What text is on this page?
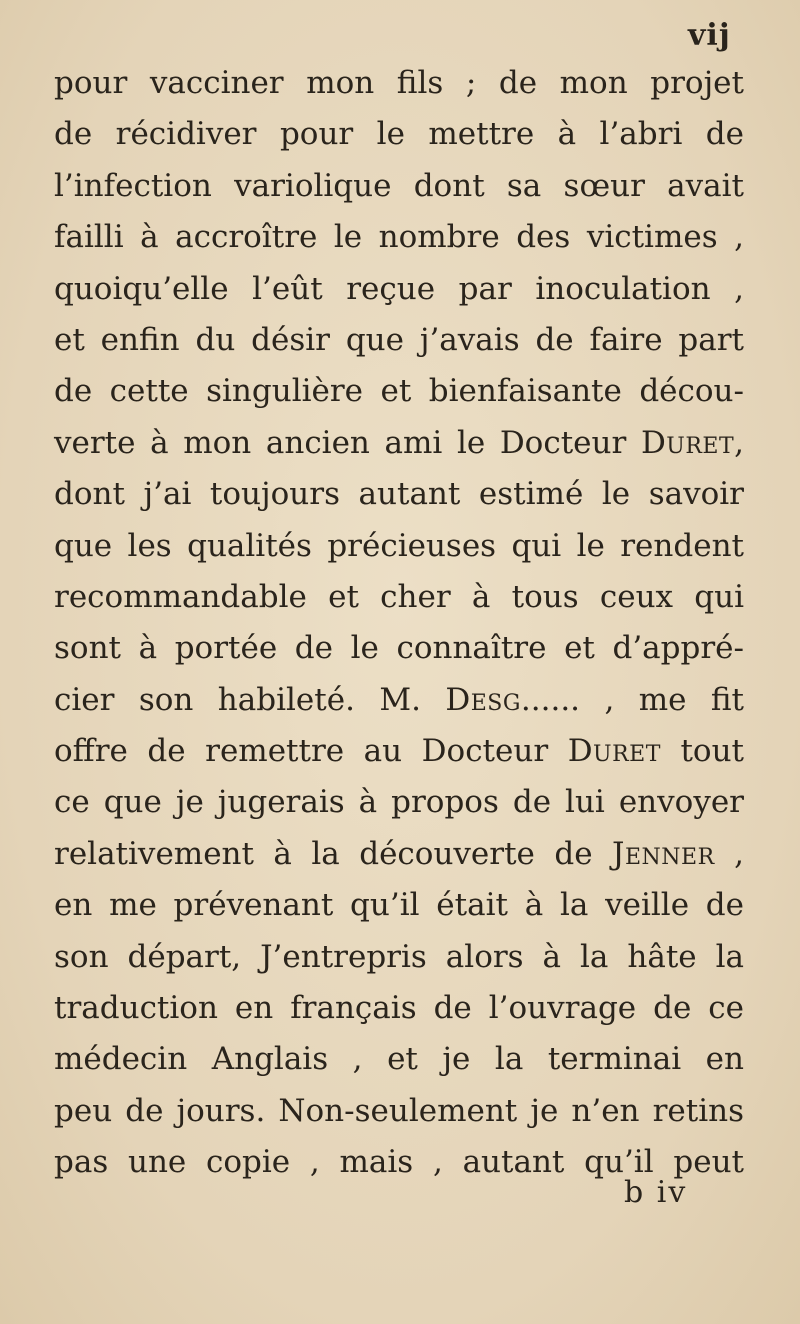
vij
pour vacciner mon fils ; de mon projet
de récidiver pour le mettre à l’abri de
l’infection variolique dont sa sœur avait
failli à accroître le nombre des victimes ,
quoiqu’elle l’eût reçue par inoculation ,
et enfin du désir que j’avais de faire part
de cette singulière et bienfaisante décou-
verte à mon ancien ami le Docteur Duret,
dont j’ai toujours autant estimé le savoir
que les qualités précieuses qui le rendent
recommandable et cher à tous ceux qui
sont à portée de le connaître et d’appré-
cier son habileté. M. Desg...... , me fit
offre de remettre au Docteur Duret tout
ce que je jugerais à propos de lui envoyer
relativement à la découverte de Jenner ,
en me prévenant qu’il était à la veille de
son départ, J’entrepris alors à la hâte la
traduction en français de l’ouvrage de ce
médecin Anglais , et je la terminai en
peu de jours. Non-seulement je n’en retins
pas une copie , mais , autant qu’il peut
b iv
